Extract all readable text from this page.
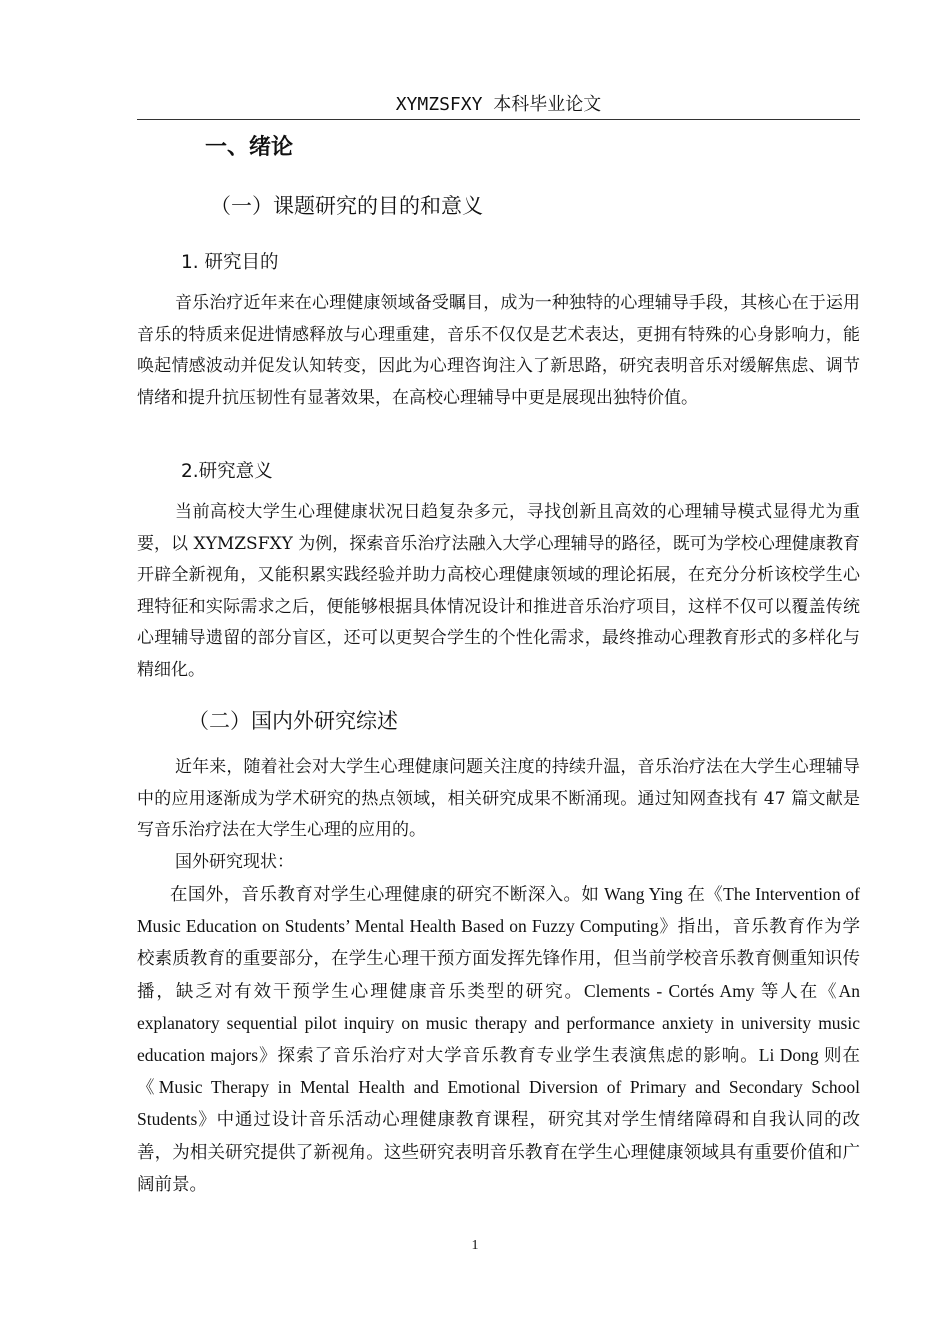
XYMZSFXY 本科毕业论文
一、绪论
（一）课题研究的目的和意义
1. 研究目的

音乐治疗近年来在心理健康领域备受瞩目，成为一种独特的心理辅导手段，其核心在于运用音乐的特质来促进情感释放与心理重建，音乐不仅仅是艺术表达，更拥有特殊的心身影响力，能唤起情感波动并促发认知转变，因此为心理咨询注入了新思路，研究表明音乐对缓解焦虑、调节情绪和提升抗压韧性有显著效果，在高校心理辅导中更是展现出独特价值。

2.研究意义

当前高校大学生心理健康状况日趋复杂多元，寻找创新且高效的心理辅导模式显得尤为重要，以 XYMZSFXY 为例，探索音乐治疗法融入大学心理辅导的路径，既可为学校心理健康教育开辟全新视角，又能积累实践经验并助力高校心理健康领域的理论拓展，在充分分析该校学生心理特征和实际需求之后，便能够根据具体情况设计和推进音乐治疗项目，这样不仅可以覆盖传统心理辅导遗留的部分盲区，还可以更契合学生的个性化需求，最终推动心理教育形式的多样化与精细化。

（二）国内外研究综述

近年来，随着社会对大学生心理健康问题关注度的持续升温，音乐治疗法在大学生心理辅导中的应用逐渐成为学术研究的热点领域，相关研究成果不断涌现。通过知网查找有 47 篇文献是写音乐治疗法在大学生心理的应用的。

国外研究现状：

在国外，音乐教育对学生心理健康的研究不断深入。如 Wang Ying 在《The Intervention of Music Education on Students’ Mental Health Based on Fuzzy Computing》指出，音乐教育作为学校素质教育的重要部分，在学生心理干预方面发挥先锋作用，但当前学校音乐教育侧重知识传播，缺乏对有效干预学生心理健康音乐类型的研究。Clements - Cortés Amy 等人在《An explanatory sequential pilot inquiry on music therapy and performance anxiety in university music education majors》探索了音乐治疗对大学音乐教育专业学生表演焦虑的影响。Li Dong 则在《Music Therapy in Mental Health and Emotional Diversion of Primary and Secondary School Students》中通过设计音乐活动心理健康教育课程，研究其对学生情绪障碍和自我认同的改善，为相关研究提供了新视角。这些研究表明音乐教育在学生心理健康领域具有重要价值和广阔前景。

1
